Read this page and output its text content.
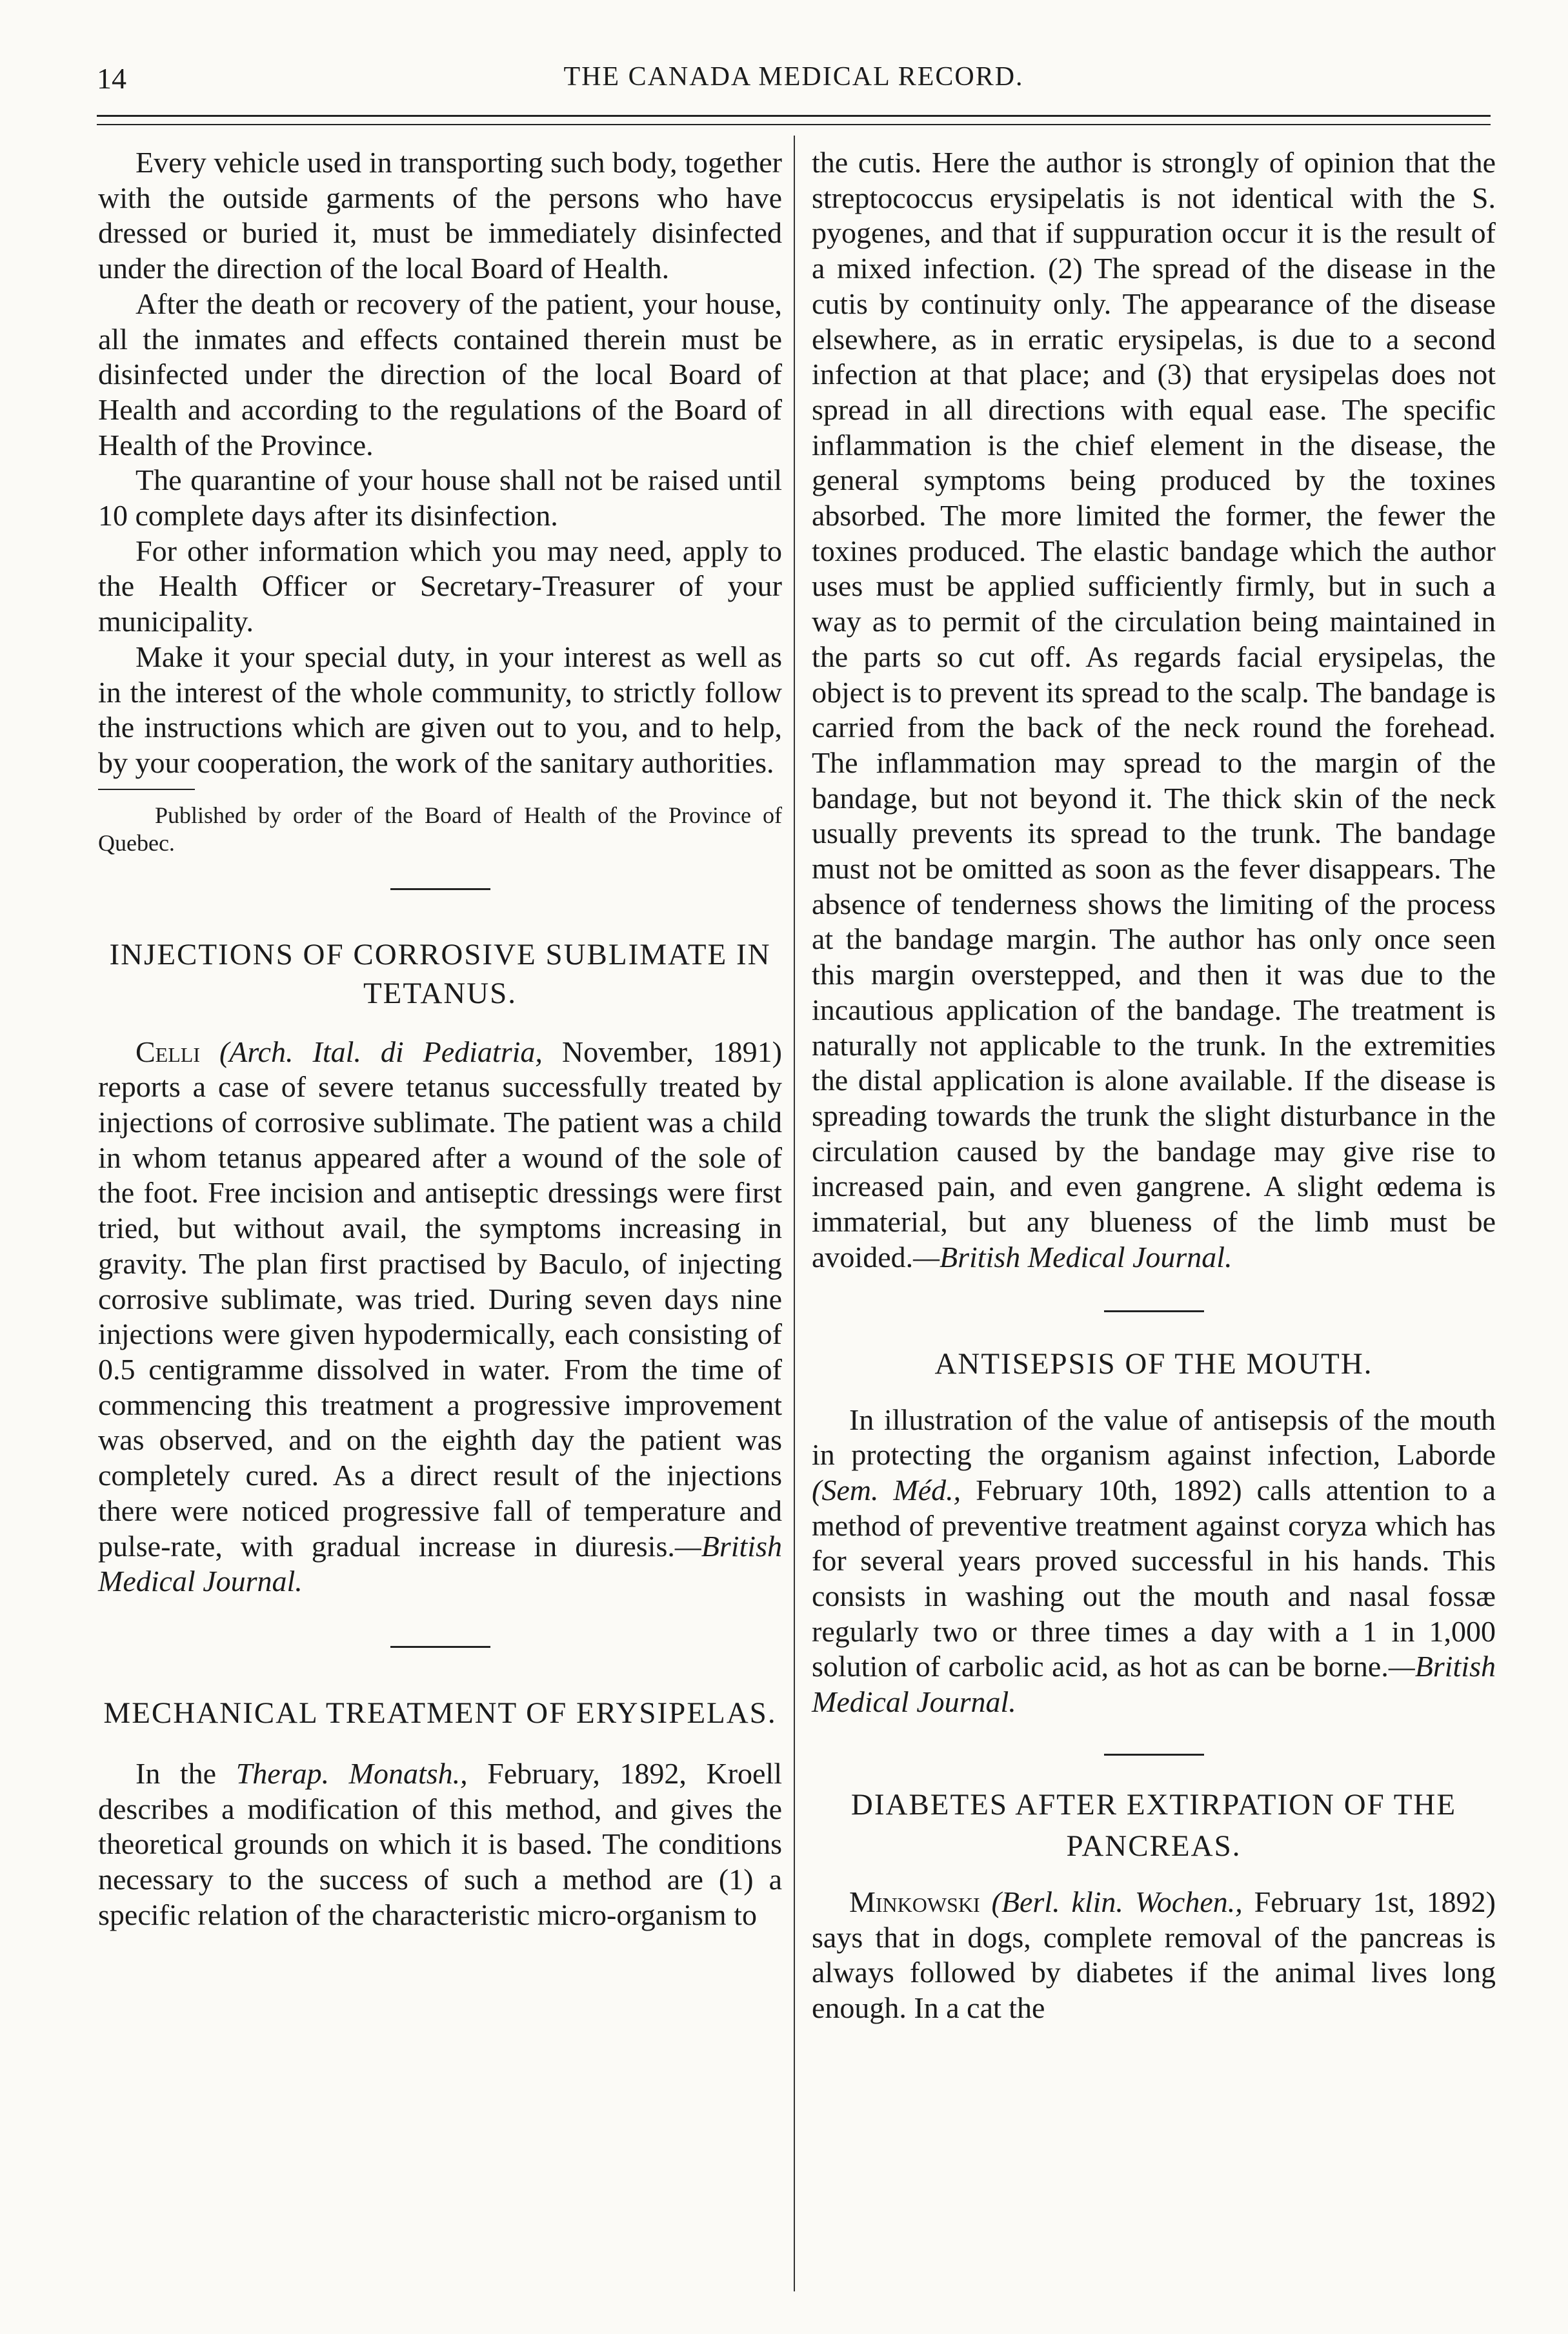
14	THE CANADA MEDICAL RECORD.

Every vehicle used in transporting such body, together with the outside garments of the persons who have dressed or buried it, must be immediately disinfected under the direction of the local Board of Health.

After the death or recovery of the patient, your house, all the inmates and effects contained therein must be disinfected under the direction of the local Board of Health and according to the regulations of the Board of Health of the Province.

The quarantine of your house shall not be raised until 10 complete days after its disinfection.

For other information which you may need, apply to the Health Officer or Secretary-Treasurer of your municipality.

Make it your special duty, in your interest as well as in the interest of the whole community, to strictly follow the instructions which are given out to you, and to help, by your cooperation, the work of the sanitary authorities.

Published by order of the Board of Health of the Province of Quebec.

INJECTIONS OF CORROSIVE SUBLIMATE IN TETANUS.

Celli (Arch. Ital. di Pediatria, November, 1891) reports a case of severe tetanus successfully treated by injections of corrosive sublimate. The patient was a child in whom tetanus appeared after a wound of the sole of the foot. Free incision and antiseptic dressings were first tried, but without avail, the symptoms increasing in gravity. The plan first practised by Baculo, of injecting corrosive sublimate, was tried. During seven days nine injections were given hypodermically, each consisting of 0.5 centigramme dissolved in water. From the time of commencing this treatment a progressive improvement was observed, and on the eighth day the patient was completely cured. As a direct result of the injections there were noticed progressive fall of temperature and pulse-rate, with gradual increase in diuresis.—British Medical Journal.

MECHANICAL TREATMENT OF ERYSIPELAS.

In the Therap. Monatsh., February, 1892, Kroell describes a modification of this method, and gives the theoretical grounds on which it is based. The conditions necessary to the success of such a method are (1) a specific relation of the characteristic micro-organism to

the cutis. Here the author is strongly of opinion that the streptococcus erysipelatis is not identical with the S. pyogenes, and that if suppuration occur it is the result of a mixed infection. (2) The spread of the disease in the cutis by continuity only. The appearance of the disease elsewhere, as in erratic erysipelas, is due to a second infection at that place; and (3) that erysipelas does not spread in all directions with equal ease. The specific inflammation is the chief element in the disease, the general symptoms being produced by the toxines absorbed. The more limited the former, the fewer the toxines produced. The elastic bandage which the author uses must be applied sufficiently firmly, but in such a way as to permit of the circulation being maintained in the parts so cut off. As regards facial erysipelas, the object is to prevent its spread to the scalp. The bandage is carried from the back of the neck round the forehead. The inflammation may spread to the margin of the bandage, but not beyond it. The thick skin of the neck usually prevents its spread to the trunk. The bandage must not be omitted as soon as the fever disappears. The absence of tenderness shows the limiting of the process at the bandage margin. The author has only once seen this margin overstepped, and then it was due to the incautious application of the bandage. The treatment is naturally not applicable to the trunk. In the extremities the distal application is alone available. If the disease is spreading towards the trunk the slight disturbance in the circulation caused by the bandage may give rise to increased pain, and even gangrene. A slight œdema is immaterial, but any blueness of the limb must be avoided.—British Medical Journal.

ANTISEPSIS OF THE MOUTH.

In illustration of the value of antisepsis of the mouth in protecting the organism against infection, Laborde (Sem. Méd., February 10th, 1892) calls attention to a method of preventive treatment against coryza which has for several years proved successful in his hands. This consists in washing out the mouth and nasal fossæ regularly two or three times a day with a 1 in 1,000 solution of carbolic acid, as hot as can be borne.—British Medical Journal.

DIABETES AFTER EXTIRPATION OF THE PANCREAS.

Minkowski (Berl. klin. Wochen., February 1st, 1892) says that in dogs, complete removal of the pancreas is always followed by diabetes if the animal lives long enough. In a cat the
